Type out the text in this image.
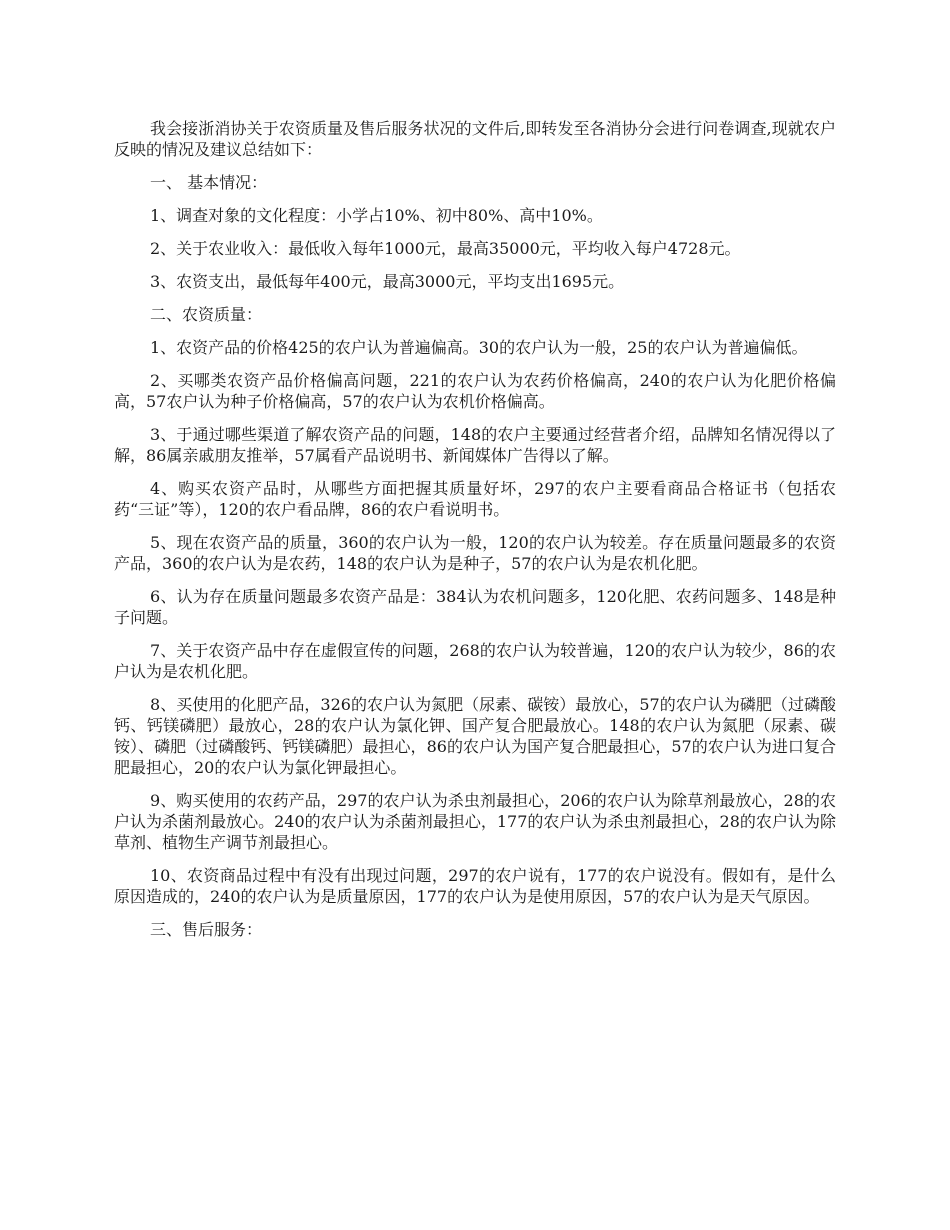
我会接浙消协关于农资质量及售后服务状况的文件后,即转发至各消协分会进行问卷调查,现就农户反映的情况及建议总结如下：

一、 基本情况：

1、调查对象的文化程度：小学占10%、初中80%、高中10%。

2、关于农业收入：最低收入每年1000元，最高35000元，平均收入每户4728元。

3、农资支出，最低每年400元，最高3000元，平均支出1695元。

二、农资质量：

1、农资产品的价格425的农户认为普遍偏高。30的农户认为一般，25的农户认为普遍偏低。

2、买哪类农资产品价格偏高问题，221的农户认为农药价格偏高，240的农户认为化肥价格偏高，57农户认为种子价格偏高，57的农户认为农机价格偏高。

3、于通过哪些渠道了解农资产品的问题，148的农户主要通过经营者介绍，品牌知名情况得以了解，86属亲戚朋友推举，57属看产品说明书、新闻媒体广告得以了解。

4、购买农资产品时，从哪些方面把握其质量好坏，297的农户主要看商品合格证书（包括农药“三证”等），120的农户看品牌，86的农户看说明书。

5、现在农资产品的质量，360的农户认为一般，120的农户认为较差。存在质量问题最多的农资产品，360的农户认为是农药，148的农户认为是种子，57的农户认为是农机化肥。

6、认为存在质量问题最多农资产品是：384认为农机问题多，120化肥、农药问题多、148是种子问题。

7、关于农资产品中存在虚假宣传的问题，268的农户认为较普遍，120的农户认为较少，86的农户认为是农机化肥。

8、买使用的化肥产品，326的农户认为氮肥（尿素、碳铵）最放心，57的农户认为磷肥（过磷酸钙、钙镁磷肥）最放心，28的农户认为氯化钾、国产复合肥最放心。148的农户认为氮肥（尿素、碳铵）、磷肥（过磷酸钙、钙镁磷肥）最担心，86的农户认为国产复合肥最担心，57的农户认为进口复合肥最担心，20的农户认为氯化钾最担心。

9、购买使用的农药产品，297的农户认为杀虫剂最担心，206的农户认为除草剂最放心，28的农户认为杀菌剂最放心。240的农户认为杀菌剂最担心，177的农户认为杀虫剂最担心，28的农户认为除草剂、植物生产调节剂最担心。

10、农资商品过程中有没有出现过问题，297的农户说有，177的农户说没有。假如有，是什么原因造成的，240的农户认为是质量原因，177的农户认为是使用原因，57的农户认为是天气原因。

三、售后服务：
